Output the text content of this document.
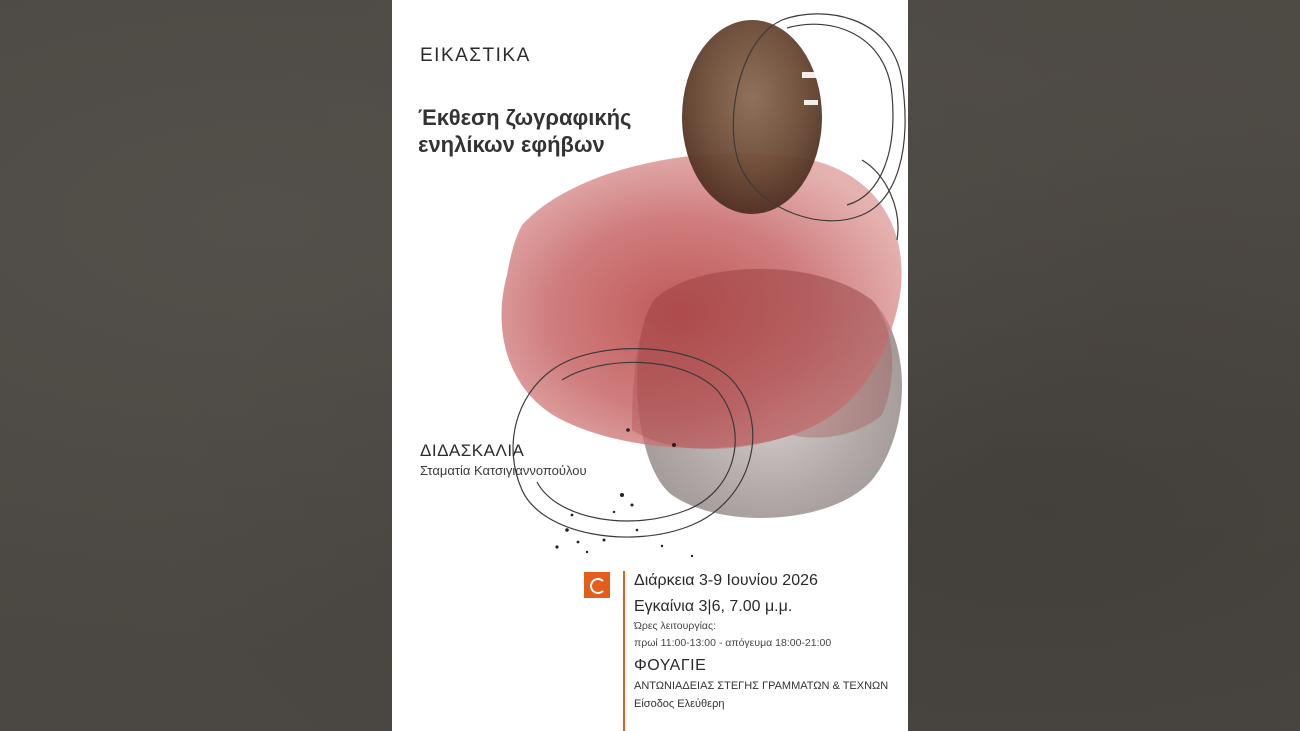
ΕΙΚΑΣΤΙΚΑ
Έκθεση ζωγραφικής
ενηλίκων εφήβων
ΔΙΔΑΣΚΑΛΙΑ
Σταματία Κατσιγιαννοπούλου
Διάρκεια 3-9 Ιουνίου 2026
Εγκαίνια 3|6, 7.00 μ.μ.
Ώρες λειτουργίας:
πρωί 11:00-13:00 - απόγευμα 18:00-21:00
ΦΟΥΑΓΙΕ
ΑΝΤΩΝΙΑΔΕΙΑΣ ΣΤΕΓΗΣ ΓΡΑΜΜΑΤΩΝ & ΤΕΧΝΩΝ
Είσοδος Ελεύθερη
